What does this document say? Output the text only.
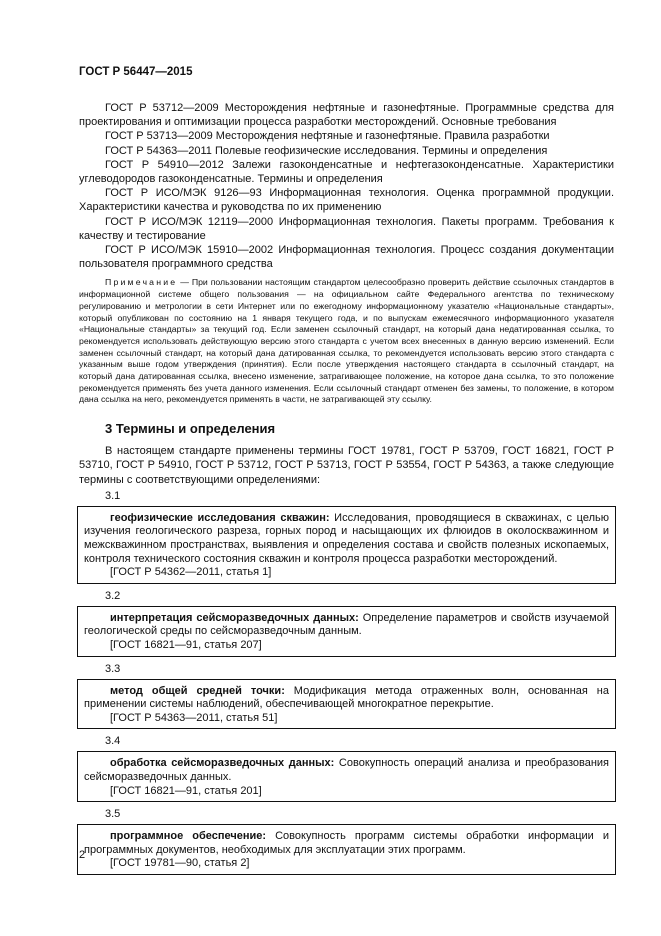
ГОСТ Р 56447—2015

ГОСТ Р 53712—2009 Месторождения нефтяные и газонефтяные. Программные средства для проектирования и оптимизации процесса разработки месторождений. Основные требования

ГОСТ Р 53713—2009 Месторождения нефтяные и газонефтяные. Правила разработки

ГОСТ Р 54363—2011 Полевые геофизические исследования. Термины и определения

ГОСТ Р 54910—2012 Залежи газоконденсатные и нефтегазоконденсатные. Характеристики углеводородов газоконденсатные. Термины и определения

ГОСТ Р ИСО/МЭК 9126—93 Информационная технология. Оценка программной продукции. Характеристики качества и руководства по их применению

ГОСТ Р ИСО/МЭК 12119—2000 Информационная технология. Пакеты программ. Требования к качеству и тестирование

ГОСТ Р ИСО/МЭК 15910—2002 Информационная технология. Процесс создания документации пользователя программного средства

Примечание — При пользовании настоящим стандартом целесообразно проверить действие ссылочных стандартов в информационной системе общего пользования — на официальном сайте Федерального агентства по техническому регулированию и метрологии в сети Интернет или по ежегодному информационному указателю «Национальные стандарты», который опубликован по состоянию на 1 января текущего года, и по выпускам ежемесячного информационного указателя «Национальные стандарты» за текущий год. Если заменен ссылочный стандарт, на который дана недатированная ссылка, то рекомендуется использовать действующую версию этого стандарта с учетом всех внесенных в данную версию изменений. Если заменен ссылочный стандарт, на который дана датированная ссылка, то рекомендуется использовать версию этого стандарта с указанным выше годом утверждения (принятия). Если после утверждения настоящего стандарта в ссылочный стандарт, на который дана датированная ссылка, внесено изменение, затрагивающее положение, на которое дана ссылка, то это положение рекомендуется применять без учета данного изменения. Если ссылочный стандарт отменен без замены, то положение, в котором дана ссылка на него, рекомендуется применять в части, не затрагивающей эту ссылку.

3 Термины и определения

В настоящем стандарте применены термины ГОСТ 19781, ГОСТ Р 53709, ГОСТ 16821, ГОСТ Р 53710, ГОСТ Р 54910, ГОСТ Р 53712, ГОСТ Р 53713, ГОСТ Р 53554, ГОСТ Р 54363, а также следующие термины с соответствующими определениями:

3.1

геофизические исследования скважин: Исследования, проводящиеся в скважинах, с целью изучения геологического разреза, горных пород и насыщающих их флюидов в околоскважинном и межскважинном пространствах, выявления и определения состава и свойств полезных ископаемых, контроля технического состояния скважин и контроля процесса разработки месторождений.

[ГОСТ Р 54362—2011, статья 1]
3.2

интерпретация сейсморазведочных данных: Определение параметров и свойств изучаемой геологической среды по сейсморазведочным данным.

[ГОСТ 16821—91, статья 207]
3.3

метод общей средней точки: Модификация метода отраженных волн, основанная на применении системы наблюдений, обеспечивающей многократное перекрытие.

[ГОСТ Р 54363—2011, статья 51]
3.4

обработка сейсморазведочных данных: Совокупность операций анализа и преобразования сейсморазведочных данных.

[ГОСТ 16821—91, статья 201]
3.5

программное обеспечение: Совокупность программ системы обработки информации и программных документов, необходимых для эксплуатации этих программ.

[ГОСТ 19781—90, статья 2]
2
